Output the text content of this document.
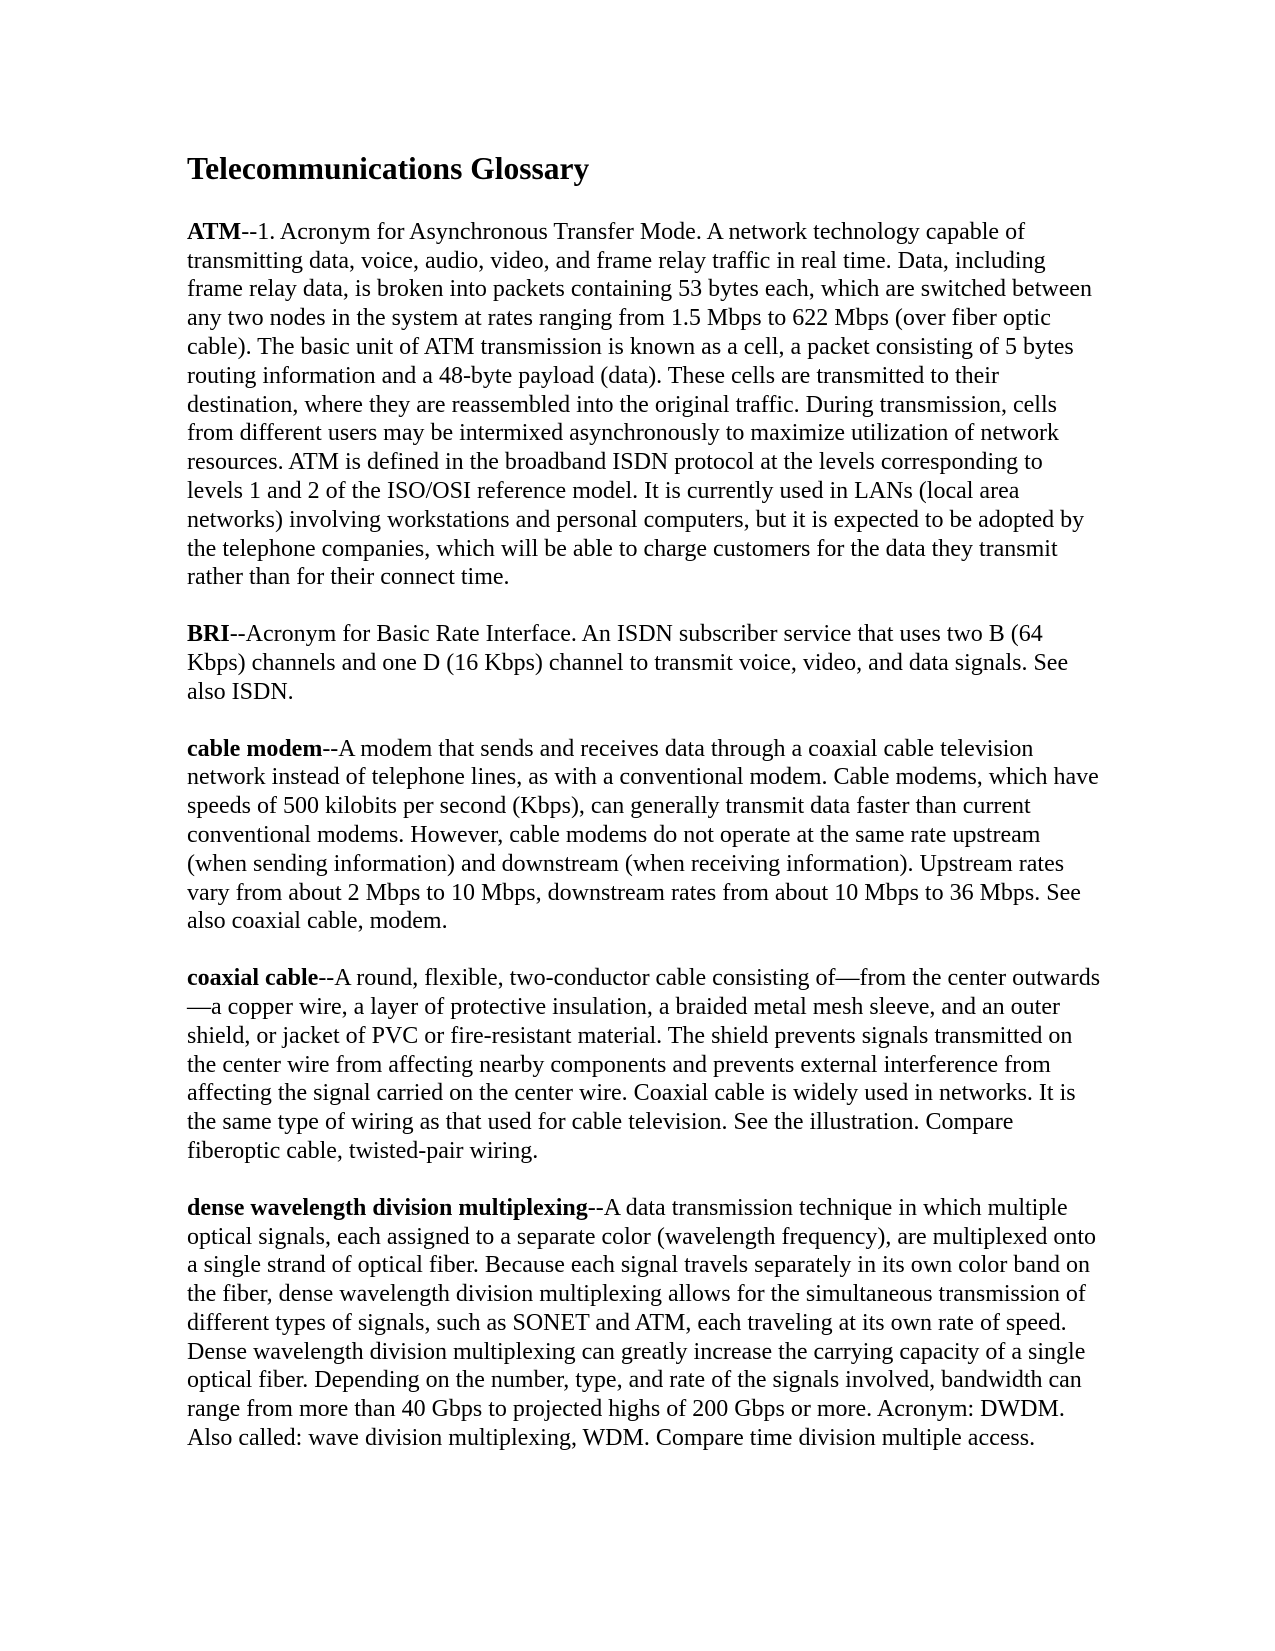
Telecommunications Glossary

ATM--1. Acronym for Asynchronous Transfer Mode. A network technology capable of transmitting data, voice, audio, video, and frame relay traffic in real time. Data, including frame relay data, is broken into packets containing 53 bytes each, which are switched between any two nodes in the system at rates ranging from 1.5 Mbps to 622 Mbps (over fiber optic cable). The basic unit of ATM transmission is known as a cell, a packet consisting of 5 bytes routing information and a 48-byte payload (data). These cells are transmitted to their destination, where they are reassembled into the original traffic. During transmission, cells from different users may be intermixed asynchronously to maximize utilization of network resources. ATM is defined in the broadband ISDN protocol at the levels corresponding to levels 1 and 2 of the ISO/OSI reference model. It is currently used in LANs (local area networks) involving workstations and personal computers, but it is expected to be adopted by the telephone companies, which will be able to charge customers for the data they transmit rather than for their connect time.

BRI--Acronym for Basic Rate Interface. An ISDN subscriber service that uses two B (64 Kbps) channels and one D (16 Kbps) channel to transmit voice, video, and data signals. See also ISDN.

cable modem--A modem that sends and receives data through a coaxial cable television network instead of telephone lines, as with a conventional modem. Cable modems, which have speeds of 500 kilobits per second (Kbps), can generally transmit data faster than current conventional modems. However, cable modems do not operate at the same rate upstream (when sending information) and downstream (when receiving information). Upstream rates vary from about 2 Mbps to 10 Mbps, downstream rates from about 10 Mbps to 36 Mbps. See also coaxial cable, modem.

coaxial cable--A round, flexible, two-conductor cable consisting of—from the center outwards—a copper wire, a layer of protective insulation, a braided metal mesh sleeve, and an outer shield, or jacket of PVC or fire-resistant material. The shield prevents signals transmitted on the center wire from affecting nearby components and prevents external interference from affecting the signal carried on the center wire. Coaxial cable is widely used in networks. It is the same type of wiring as that used for cable television. See the illustration. Compare fiberoptic cable, twisted-pair wiring.

dense wavelength division multiplexing--A data transmission technique in which multiple optical signals, each assigned to a separate color (wavelength frequency), are multiplexed onto a single strand of optical fiber. Because each signal travels separately in its own color band on the fiber, dense wavelength division multiplexing allows for the simultaneous transmission of different types of signals, such as SONET and ATM, each traveling at its own rate of speed. Dense wavelength division multiplexing can greatly increase the carrying capacity of a single optical fiber. Depending on the number, type, and rate of the signals involved, bandwidth can range from more than 40 Gbps to projected highs of 200 Gbps or more. Acronym: DWDM. Also called: wave division multiplexing, WDM. Compare time division multiple access.
